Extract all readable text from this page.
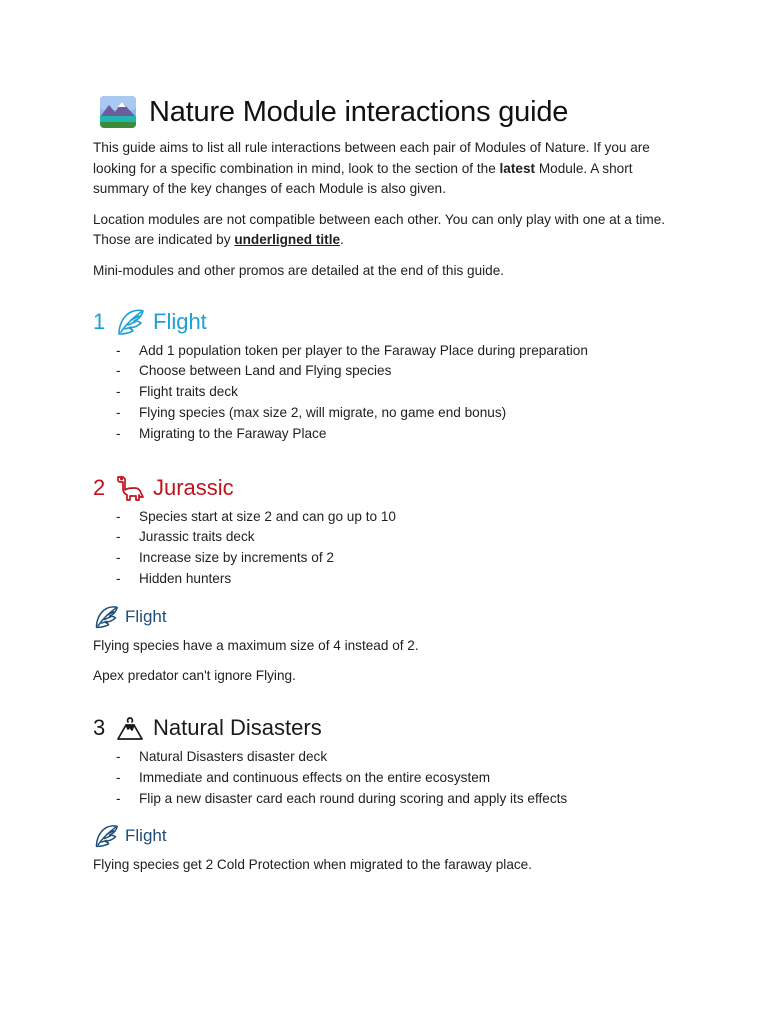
Nature Module interactions guide

This guide aims to list all rule interactions between each pair of Modules of Nature. If you are looking for a specific combination in mind, look to the section of the latest Module. A short summary of the key changes of each Module is also given.

Location modules are not compatible between each other. You can only play with one at a time. Those are indicated by underligned title.

Mini-modules and other promos are detailed at the end of this guide.

1	Flight
- Add 1 population token per player to the Faraway Place during preparation
- Choose between Land and Flying species
- Flight traits deck
- Flying species (max size 2, will migrate, no game end bonus)
- Migrating to the Faraway Place
2	Jurassic
- Species start at size 2 and can go up to 10
- Jurassic traits deck
- Increase size by increments of 2
- Hidden hunters
Flight

Flying species have a maximum size of 4 instead of 2.

Apex predator can't ignore Flying.

3	Natural Disasters
- Natural Disasters disaster deck
- Immediate and continuous effects on the entire ecosystem
- Flip a new disaster card each round during scoring and apply its effects
Flight

Flying species get 2 Cold Protection when migrated to the faraway place.
